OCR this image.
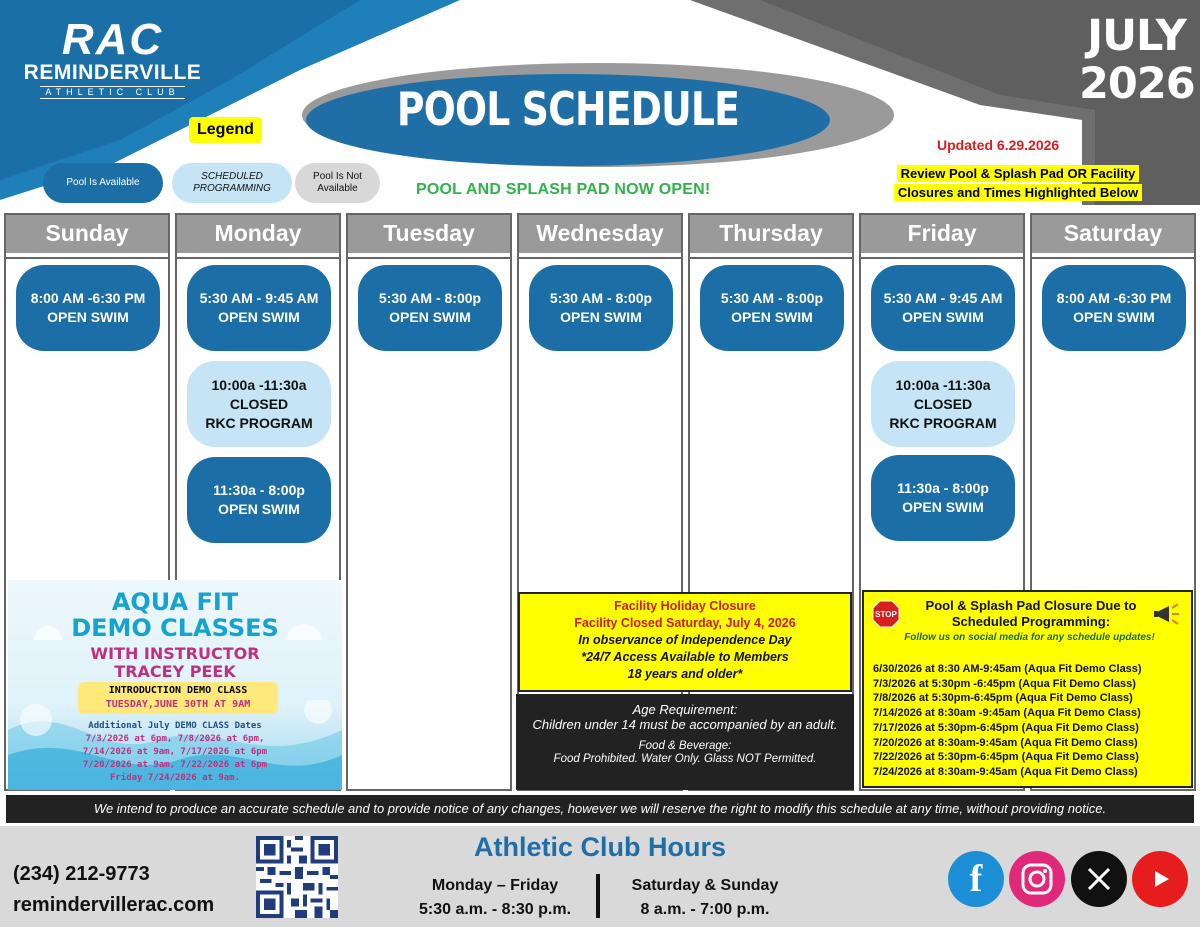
RAC
REMINDERVILLE
ATHLETIC CLUB
JULY
2026
POOL SCHEDULE
Legend
Pool Is Available
SCHEDULED
PROGRAMMING
Pool Is Not
Available	POOL AND SPLASH PAD NOW OPEN!
Updated 6.29.2026
Review Pool & Splash Pad OR Facility
Closures and Times Highlighted Below
Sunday
8:00 AM -6:30 PM
OPEN SWIM
Monday
5:30 AM - 9:45 AM
OPEN SWIM
10:00a -11:30a
CLOSED
RKC PROGRAM
11:30a - 8:00p
OPEN SWIM
Tuesday
5:30 AM - 8:00p
OPEN SWIM
Wednesday
5:30 AM - 8:00p
OPEN SWIM
Thursday
5:30 AM - 8:00p
OPEN SWIM
Friday
5:30 AM - 9:45 AM
OPEN SWIM
10:00a -11:30a
CLOSED
RKC PROGRAM
11:30a - 8:00p
OPEN SWIM
Saturday
8:00 AM -6:30 PM
OPEN SWIM
AQUA FIT
DEMO CLASSES
WITH INSTRUCTOR
TRACEY PEEK
INTRODUCTION DEMO CLASS
TUESDAY,JUNE 30TH AT 9AM
Additional July DEMO CLASS Dates
7/3/2026 at 6pm, 7/8/2026 at 6pm,
7/14/2026 at 9am, 7/17/2026 at 6pm
7/20/2026 at 9am, 7/22/2026 at 6pm
Friday 7/24/2026 at 9am.
Facility Holiday Closure
Facility Closed Saturday, July 4, 2026
In observance of Independence Day
*24/7 Access Available to Members
18 years and older*
Age Requirement:
Children under 14 must be accompanied by an adult.
Food & Beverage:
Food Prohibited. Water Only. Glass NOT Permitted.
STOP
Pool & Splash Pad Closure Due to Scheduled Programming:
Follow us on social media for any schedule updates!
6/30/2026 at 8:30 AM-9:45am (Aqua Fit Demo Class)
7/3/2026 at 5:30pm -6:45pm (Aqua Fit Demo Class)
7/8/2026 at 5:30pm-6:45pm (Aqua Fit Demo Class)
7/14/2026 at 8:30am -9:45am (Aqua Fit Demo Class)
7/17/2026 at 5:30pm-6:45pm (Aqua Fit Demo Class)
7/20/2026 at 8:30am-9:45am (Aqua Fit Demo Class)
7/22/2026 at 5:30pm-6:45pm (Aqua Fit Demo Class)
7/24/2026 at 8:30am-9:45am (Aqua Fit Demo Class)
We intend to produce an accurate schedule and to provide notice of any changes, however we will reserve the right to modify this schedule at any time, without providing notice.
(234) 212-9773
remindervillerac.com
Athletic Club Hours
Monday – Friday
5:30 a.m. - 8:30 p.m.
Saturday & Sunday
8 a.m. - 7:00 p.m.
f
